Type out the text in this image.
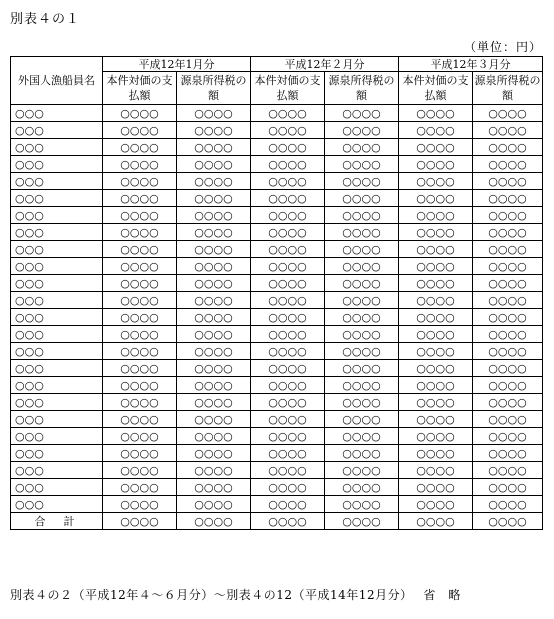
別表４の１
（単位：円）
外国人漁船員名	平成12年1月分		平成12年２月分		平成12年３月分	
	本件対価の支払額	源泉所得税の額	本件対価の支払額	源泉所得税の額	本件対価の支払額	源泉所得税の額
○○○	○○○○	○○○○	○○○○	○○○○	○○○○	○○○○
○○○	○○○○	○○○○	○○○○	○○○○	○○○○	○○○○
○○○	○○○○	○○○○	○○○○	○○○○	○○○○	○○○○
○○○	○○○○	○○○○	○○○○	○○○○	○○○○	○○○○
○○○	○○○○	○○○○	○○○○	○○○○	○○○○	○○○○
○○○	○○○○	○○○○	○○○○	○○○○	○○○○	○○○○
○○○	○○○○	○○○○	○○○○	○○○○	○○○○	○○○○
○○○	○○○○	○○○○	○○○○	○○○○	○○○○	○○○○
○○○	○○○○	○○○○	○○○○	○○○○	○○○○	○○○○
○○○	○○○○	○○○○	○○○○	○○○○	○○○○	○○○○
○○○	○○○○	○○○○	○○○○	○○○○	○○○○	○○○○
○○○	○○○○	○○○○	○○○○	○○○○	○○○○	○○○○
○○○	○○○○	○○○○	○○○○	○○○○	○○○○	○○○○
○○○	○○○○	○○○○	○○○○	○○○○	○○○○	○○○○
○○○	○○○○	○○○○	○○○○	○○○○	○○○○	○○○○
○○○	○○○○	○○○○	○○○○	○○○○	○○○○	○○○○
○○○	○○○○	○○○○	○○○○	○○○○	○○○○	○○○○
○○○	○○○○	○○○○	○○○○	○○○○	○○○○	○○○○
○○○	○○○○	○○○○	○○○○	○○○○	○○○○	○○○○
○○○	○○○○	○○○○	○○○○	○○○○	○○○○	○○○○
○○○	○○○○	○○○○	○○○○	○○○○	○○○○	○○○○
○○○	○○○○	○○○○	○○○○	○○○○	○○○○	○○○○
○○○	○○○○	○○○○	○○○○	○○○○	○○○○	○○○○
○○○	○○○○	○○○○	○○○○	○○○○	○○○○	○○○○
合計	○○○○	○○○○	○○○○	○○○○	○○○○	○○○○
別表４の２（平成12年４～６月分）～別表４の12（平成14年12月分）　 省　略
